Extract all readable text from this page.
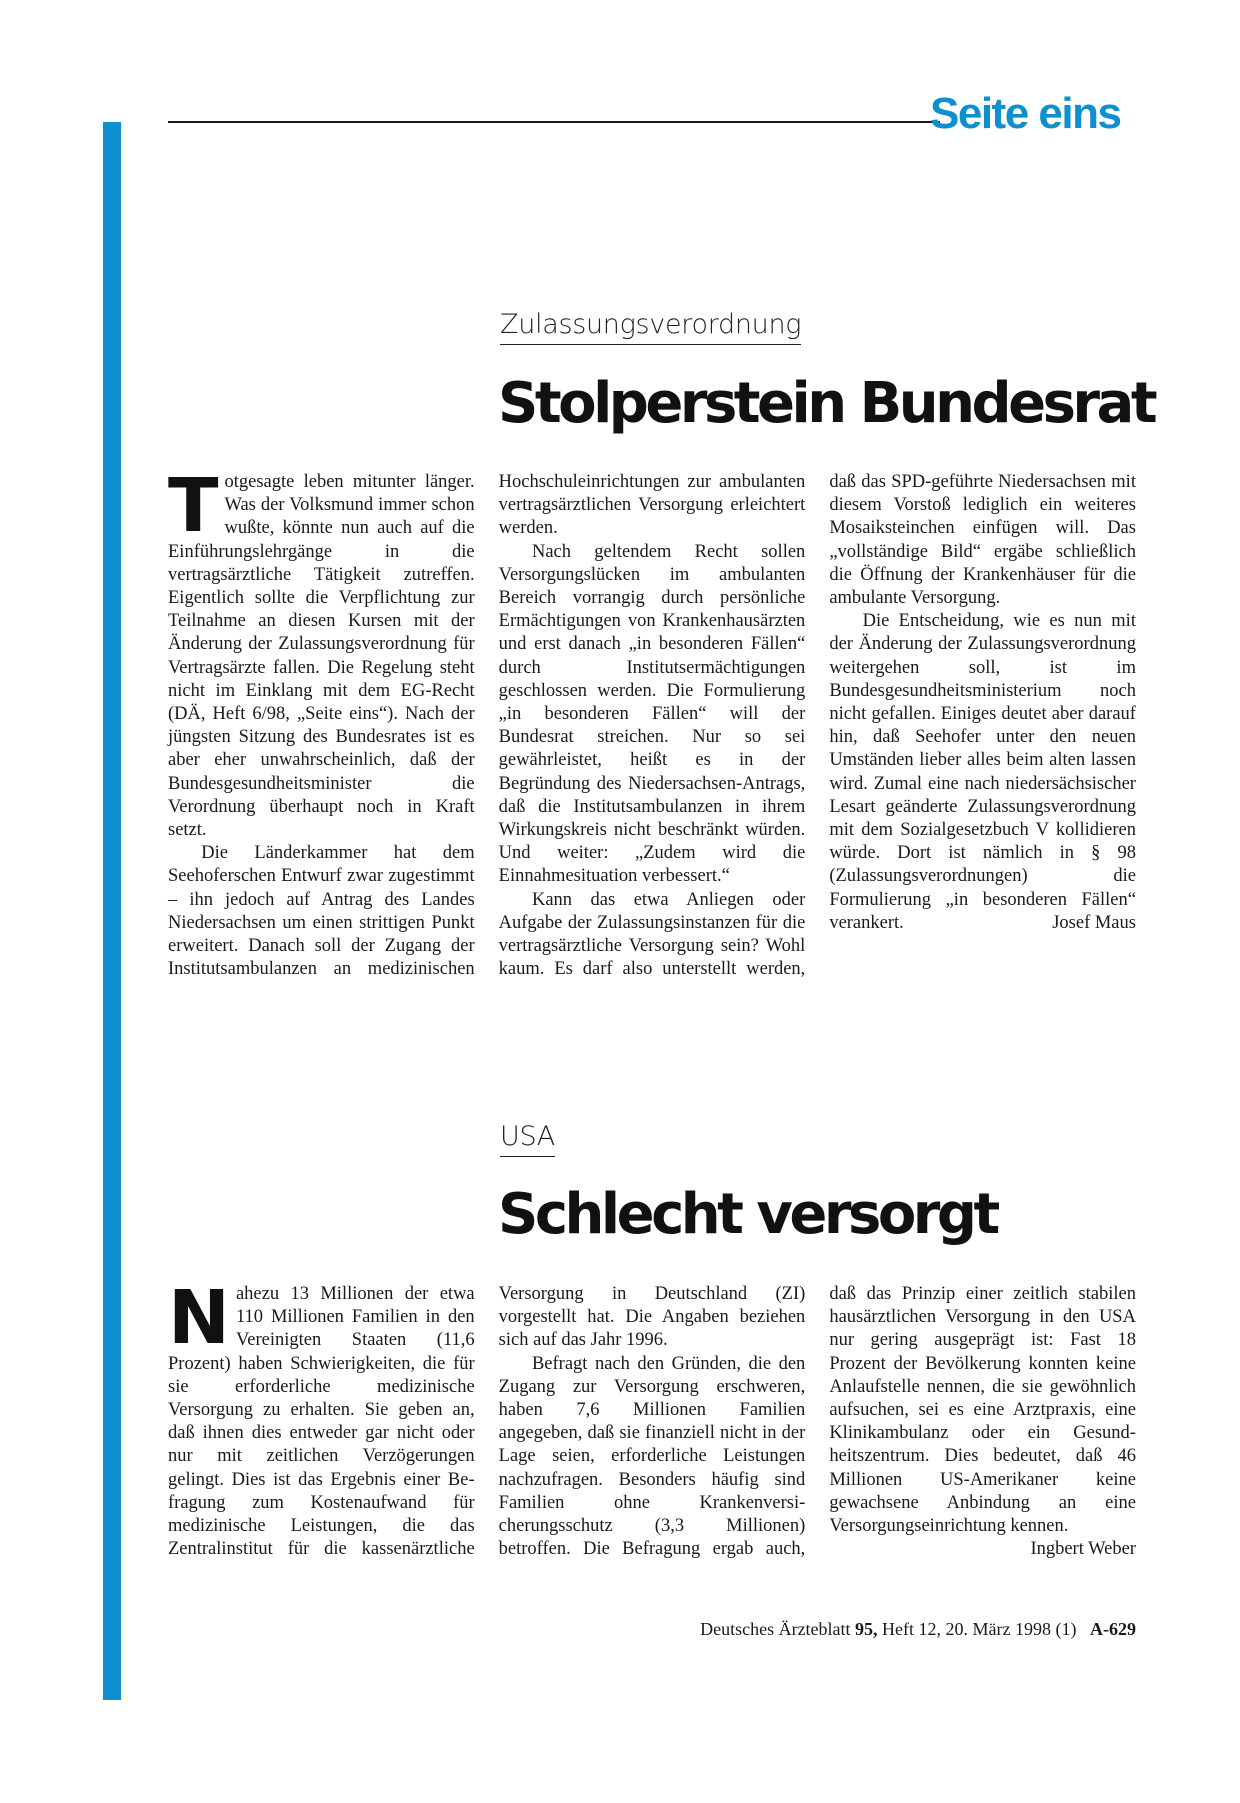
Seite eins
Zulassungsverordnung
Stolperstein Bundesrat

Totgesagte leben mitunter länger. Was der Volksmund immer schon wußte, könnte nun auch auf die Einführungslehrgänge in die vertragsärztliche Tätigkeit zutreffen. Eigentlich sollte die Verpflichtung zur Teilnahme an diesen Kursen mit der Änderung der Zulassungsverordnung für Vertragsärzte fallen. Die Regelung steht nicht im Einklang mit dem EG-Recht (DÄ, Heft 6/98, „Seite eins“). Nach der jüngsten Sitzung des Bundesrates ist es aber eher unwahrscheinlich, daß der Bundesgesundheitsminister die Verordnung überhaupt noch in Kraft setzt.

Die Länderkammer hat dem Seehoferschen Entwurf zwar zugestimmt – ihn jedoch auf Antrag des Landes Niedersachsen um einen strittigen Punkt erweitert. Danach soll der Zugang der Institutsambulanzen an medizinischen Hochschuleinrichtungen zur ambulanten vertragsärztlichen Versorgung erleichtert werden.

Nach geltendem Recht sollen Versorgungslücken im ambulanten Bereich vorrangig durch persönliche Ermächtigungen von Krankenhausärzten und erst danach „in besonderen Fällen“ durch Institutsermächtigungen geschlossen werden. Die Formulierung „in besonderen Fällen“ will der Bundesrat streichen. Nur so sei gewährleistet, heißt es in der Begründung des Niedersachsen-Antrags, daß die Institutsambulanzen in ihrem Wirkungskreis nicht beschränkt würden. Und weiter: „Zudem wird die Einnahmesituation verbessert.“

Kann das etwa Anliegen oder Aufgabe der Zulassungsinstanzen für die vertragsärztliche Versorgung sein? Wohl kaum. Es darf also unterstellt werden, daß das SPD-geführte Niedersachsen mit diesem Vorstoß lediglich ein weiteres Mosaiksteinchen einfügen will. Das „vollständige Bild“ ergäbe schließlich die Öffnung der Krankenhäuser für die ambulante Versorgung.

Die Entscheidung, wie es nun mit der Änderung der Zulassungsverordnung weitergehen soll, ist im Bundesgesundheitsministerium noch nicht gefallen. Einiges deutet aber darauf hin, daß Seehofer unter den neuen Umständen lieber alles beim alten lassen wird. Zumal eine nach niedersächsischer Lesart geänderte Zulassungsverordnung mit dem Sozialgesetzbuch V kollidieren würde. Dort ist nämlich in § 98 (Zulassungsverordnungen) die Formulierung „in besonderen Fällen“ verankert.	Josef Maus

USA
Schlecht versorgt

Nahezu 13 Millionen der etwa 110 Millionen Familien in den Vereinigten Staaten (11,6 Prozent) haben Schwierigkeiten, die für sie erforderliche medizinische Versorgung zu erhalten. Sie geben an, daß ihnen dies entweder gar nicht oder nur mit zeitlichen Verzögerungen gelingt. Dies ist das Ergebnis einer Befragung zum Kostenaufwand für medizinische Leistungen, die das Zentralinstitut für die kassenärztliche Versorgung in Deutschland (ZI) vorgestellt hat. Die Angaben beziehen sich auf das Jahr 1996.

Befragt nach den Gründen, die den Zugang zur Versorgung erschweren, haben 7,6 Millionen Familien angegeben, daß sie finanziell nicht in der Lage seien, erforderliche Leistungen nachzufragen. Besonders häufig sind Familien ohne Krankenversicherungsschutz (3,3 Millionen) betroffen. Die Befragung ergab auch, daß das Prinzip einer zeitlich stabilen hausärztlichen Versorgung in den USA nur gering ausgeprägt ist: Fast 18 Prozent der Bevölkerung konnten keine Anlaufstelle nennen, die sie gewöhnlich aufsuchen, sei es eine Arztpraxis, eine Klinikambulanz oder ein Gesundheitszentrum. Dies bedeutet, daß 46 Millionen US-Amerikaner keine gewachsene Anbindung an eine Versorgungseinrichtung kennen.
Ingbert Weber

Deutsches Ärzteblatt 95, Heft 12, 20. März 1998 (1) A-629
